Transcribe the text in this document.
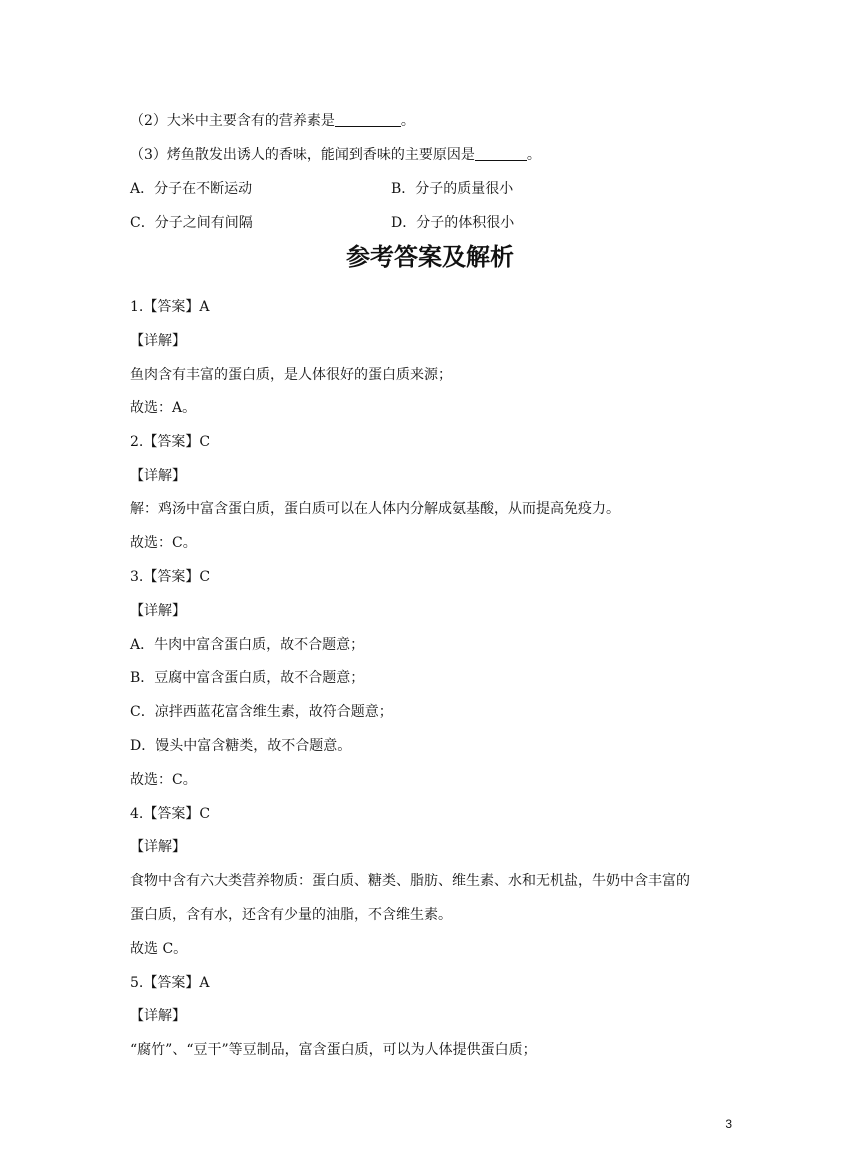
（2）大米中主要含有的营养素是	。
（3）烤鱼散发出诱人的香味，能闻到香味的主要原因是	。
A．分子在不断运动	B．分子的质量很小
C．分子之间有间隔	D．分子的体积很小
参考答案及解析
1.【答案】A
【详解】
鱼肉含有丰富的蛋白质，是人体很好的蛋白质来源；
故选：A。
2.【答案】C
【详解】
解：鸡汤中富含蛋白质，蛋白质可以在人体内分解成氨基酸，从而提高免疫力。
故选：C。
3.【答案】C
【详解】
A．牛肉中富含蛋白质，故不合题意；
B．豆腐中富含蛋白质，故不合题意；
C．凉拌西蓝花富含维生素，故符合题意；
D．馒头中富含糖类，故不合题意。
故选：C。
4.【答案】C
【详解】
食物中含有六大类营养物质：蛋白质、糖类、脂肪、维生素、水和无机盐，牛奶中含丰富的
蛋白质，含有水，还含有少量的油脂，不含维生素。
故选 C。
5.【答案】A
【详解】
“腐竹”、“豆干”等豆制品，富含蛋白质，可以为人体提供蛋白质；
3
